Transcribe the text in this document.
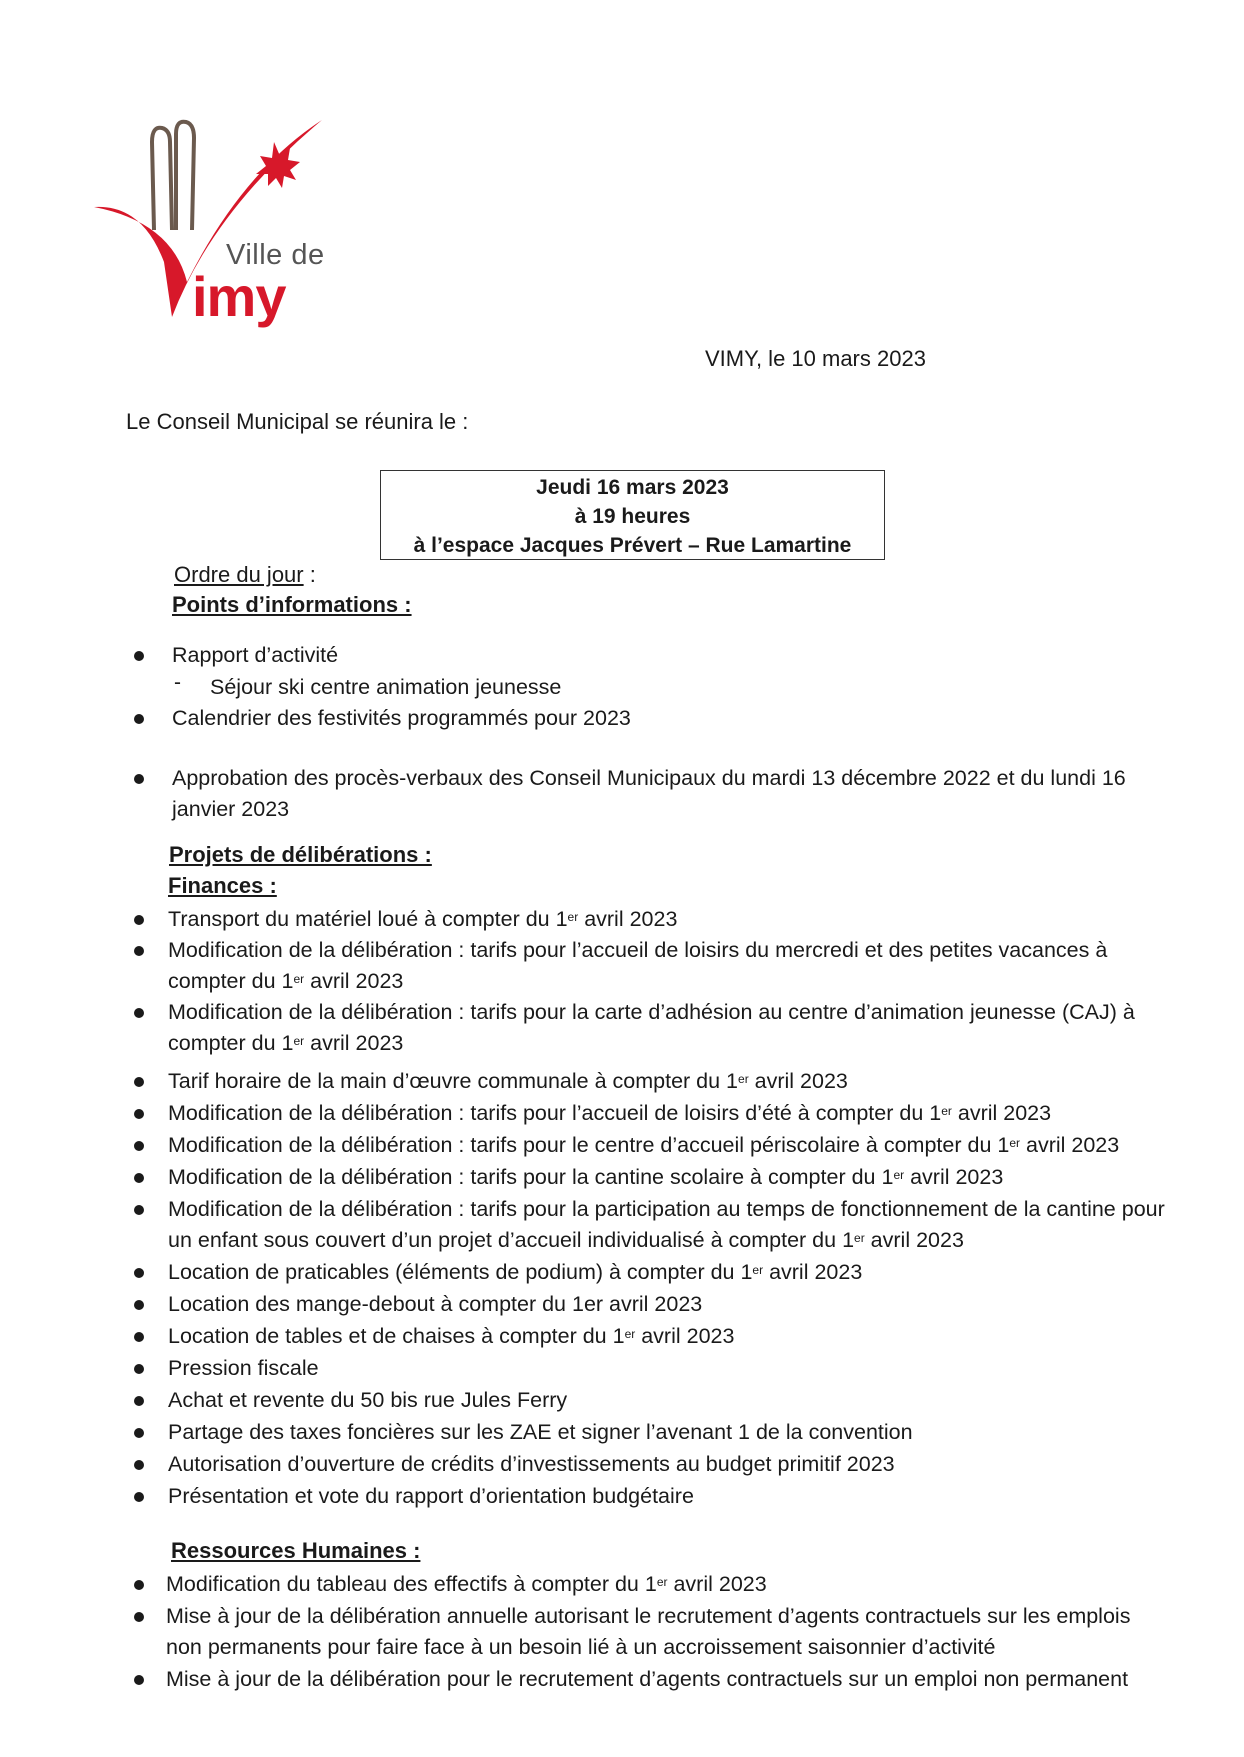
Ville de
imy
VIMY, le 10 mars 2023
Le Conseil Municipal se réunira le :
Jeudi 16 mars 2023
à 19 heures
à l’espace Jacques Prévert – Rue Lamartine
Ordre du jour :
Points d’informations :
Rapport d’activité
- Séjour ski centre animation jeunesse
Calendrier des festivités programmés pour 2023
Approbation des procès-verbaux des Conseil Municipaux du mardi 13 décembre 2022 et du lundi 16
janvier 2023
Projets de délibérations :
Finances :
Ressources Humaines :
Transport du matériel loué à compter du 1er avril 2023
Modification de la délibération : tarifs pour l’accueil de loisirs du mercredi et des petites vacances à
compter du 1er avril 2023
Modification de la délibération : tarifs pour la carte d’adhésion au centre d’animation jeunesse (CAJ) à
compter du 1er avril 2023
Tarif horaire de la main d’œuvre communale à compter du 1er avril 2023
Modification de la délibération : tarifs pour l’accueil de loisirs d’été à compter du 1er avril 2023
Modification de la délibération : tarifs pour le centre d’accueil périscolaire à compter du 1er avril 2023
Modification de la délibération : tarifs pour la cantine scolaire à compter du 1er avril 2023
Modification de la délibération : tarifs pour la participation au temps de fonctionnement de la cantine pour
un enfant sous couvert d’un projet d’accueil individualisé à compter du 1er avril 2023
Location de praticables (éléments de podium) à compter du 1er avril 2023
Location des mange-debout à compter du 1er avril 2023
Location de tables et de chaises à compter du 1er avril 2023
Pression fiscale
Achat et revente du 50 bis rue Jules Ferry
Partage des taxes foncières sur les ZAE et signer l’avenant 1 de la convention
Autorisation d’ouverture de crédits d’investissements au budget primitif 2023
Présentation et vote du rapport d’orientation budgétaire
Modification du tableau des effectifs à compter du 1er avril 2023
Mise à jour de la délibération annuelle autorisant le recrutement d’agents contractuels sur les emplois
non permanents pour faire face à un besoin lié à un accroissement saisonnier d’activité
Mise à jour de la délibération pour le recrutement d’agents contractuels sur un emploi non permanent
